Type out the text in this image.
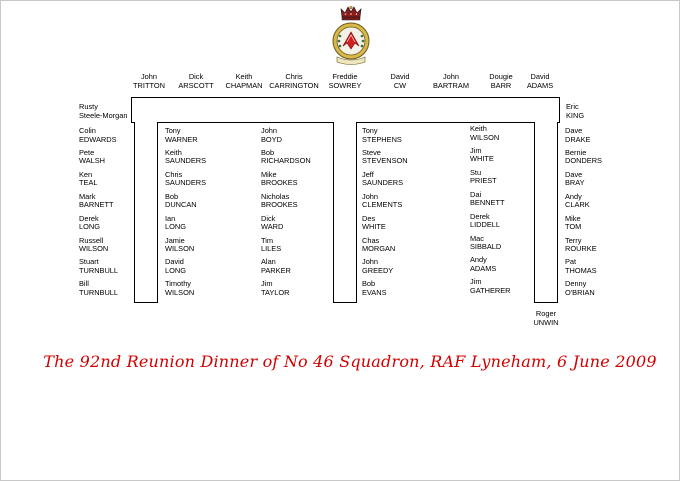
John
TRITTON
Dick
ARSCOTT
Keith
CHAPMAN
Chris
CARRINGTON
Freddie
SOWREY
David
CW
John
BARTRAM
Dougie
BARR
David
ADAMS
Rusty
Steele-Morgan
Eric
KING
Colin
EDWARDS
Pete
WALSH
Ken
TEAL
Mark
BARNETT
Derek
LONG
Russell
WILSON
Stuart
TURNBULL
Bill
TURNBULL
Tony
WARNER
Keith
SAUNDERS
Chris
SAUNDERS
Bob
DUNCAN
Ian
LONG
Jamie
WILSON
David
LONG
Timothy
WILSON
John
BOYD
Bob
RICHARDSON
Mike
BROOKES
Nicholas
BROOKES
Dick
WARD
Tim
LILES
Alan
PARKER
Jim
TAYLOR
Tony
STEPHENS
Steve
STEVENSON
Jeff
SAUNDERS
John
CLEMENTS
Des
WHITE
Chas
MORGAN
John
GREEDY
Bob
EVANS
Keith
WILSON
Jim
WHITE
Stu
PRIEST
Dai
BENNETT
Derek
LIDDELL
Mac
SIBBALD
Andy
ADAMS
Jim
GATHERER
Dave
DRAKE
Bernie
DONDERS
Dave
BRAY
Andy
CLARK
Mike
TOM
Terry
ROURKE
Pat
THOMAS
Denny
O'BRIAN
Roger
UNWIN
The 92nd Reunion Dinner of No 46 Squadron, RAF Lyneham, 6 June 2009
